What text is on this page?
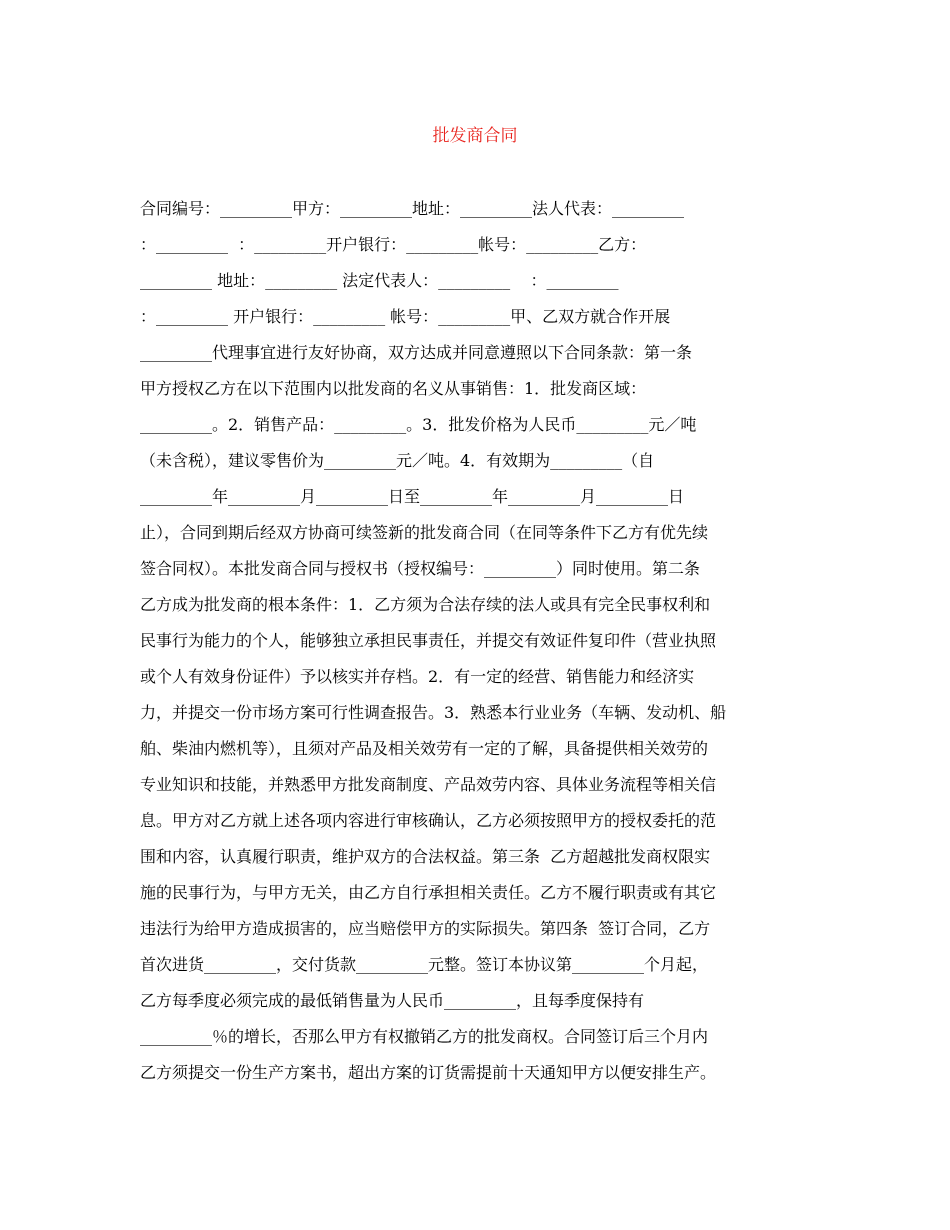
批发商合同
合同编号：_________甲方：_________地址：_________法人代表：_________
：_________  ：_________开户银行：_________帐号：_________乙方：
_________ 地址：_________ 法定代表人：_________    ：_________
：_________ 开户银行：_________ 帐号：_________甲、乙双方就合作开展
_________代理事宜进行友好协商，双方达成并同意遵照以下合同条款：第一条
甲方授权乙方在以下范围内以批发商的名义从事销售：1．批发商区域：
_________。2．销售产品：_________。3．批发价格为人民币_________元／吨
（未含税），建议零售价为_________元／吨。4．有效期为_________（自
_________年_________月_________日至_________年_________月_________日
止），合同到期后经双方协商可续签新的批发商合同（在同等条件下乙方有优先续
签合同权）。本批发商合同与授权书（授权编号：_________）同时使用。第二条
乙方成为批发商的根本条件：1．乙方须为合法存续的法人或具有完全民事权利和
民事行为能力的个人，能够独立承担民事责任，并提交有效证件复印件（营业执照
或个人有效身份证件）予以核实并存档。2．有一定的经营、销售能力和经济实
力，并提交一份市场方案可行性调查报告。3．熟悉本行业业务（车辆、发动机、船
舶、柴油内燃机等），且须对产品及相关效劳有一定的了解，具备提供相关效劳的
专业知识和技能，并熟悉甲方批发商制度、产品效劳内容、具体业务流程等相关信
息。甲方对乙方就上述各项内容进行审核确认，乙方必须按照甲方的授权委托的范
围和内容，认真履行职责，维护双方的合法权益。第三条  乙方超越批发商权限实
施的民事行为，与甲方无关，由乙方自行承担相关责任。乙方不履行职责或有其它
违法行为给甲方造成损害的，应当赔偿甲方的实际损失。第四条  签订合同，乙方
首次进货_________，交付货款_________元整。签订本协议第_________个月起，
乙方每季度必须完成的最低销售量为人民币_________，且每季度保持有
_________％的增长，否那么甲方有权撤销乙方的批发商权。合同签订后三个月内
乙方须提交一份生产方案书，超出方案的订货需提前十天通知甲方以便安排生产。
